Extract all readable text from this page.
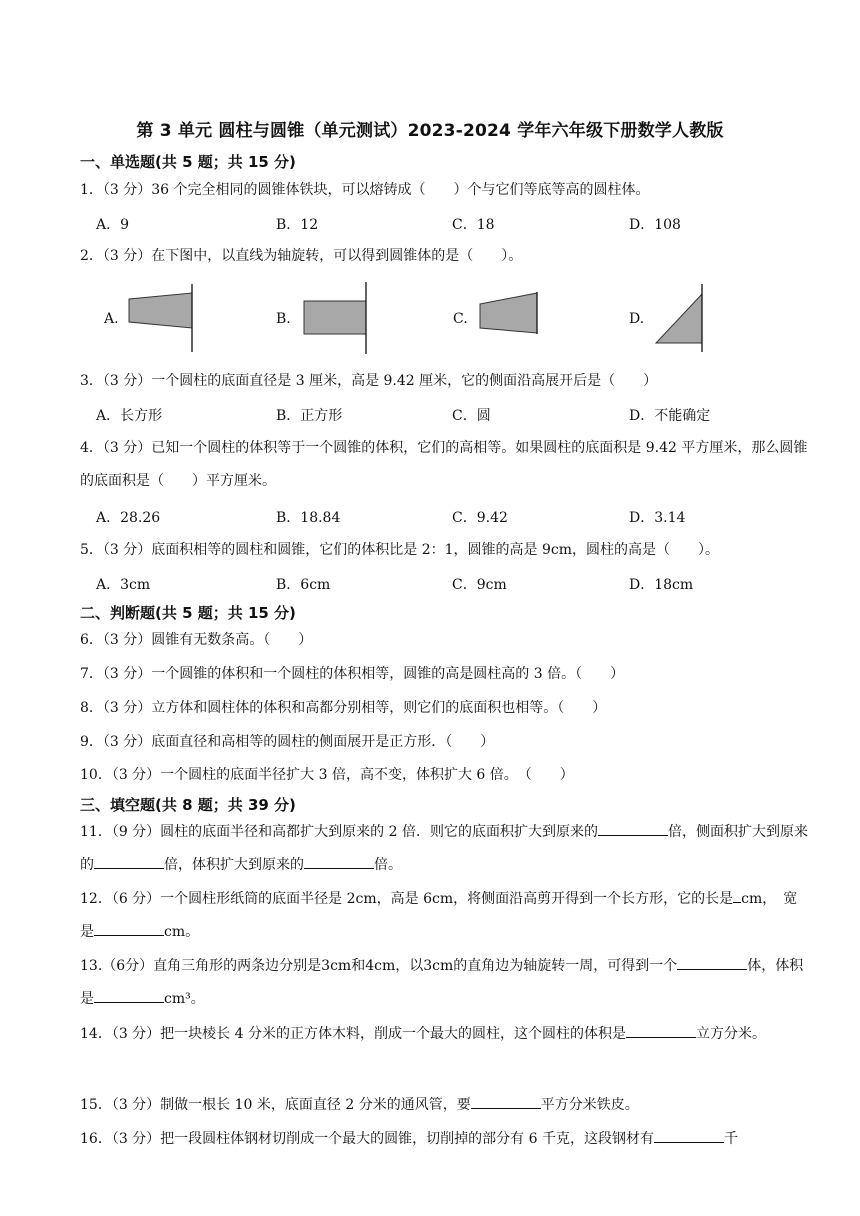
第 3 单元 圆柱与圆锥（单元测试）2023-2024 学年六年级下册数学人教版
一、单选题(共 5 题；共 15 分)
1．（3 分）36 个完全相同的圆锥体铁块，可以熔铸成（　　）个与它们等底等高的圆柱体。
A．9	B．12	C．18	D．108
2．（3 分）在下图中，以直线为轴旋转，可以得到圆锥体的是（　　）。
A.	B.	C.	D.
3．（3 分）一个圆柱的底面直径是 3 厘米，高是 9.42 厘米，它的侧面沿高展开后是（　　）
A．长方形	B．正方形	C．圆	D．不能确定
4．（3 分）已知一个圆柱的体积等于一个圆锥的体积，它们的高相等。如果圆柱的底面积是 9.42 平方厘米，那么圆锥的底面积是（　　）平方厘米。
A．28.26	B．18.84	C．9.42	D．3.14
5．（3 分）底面积相等的圆柱和圆锥，它们的体积比是 2：1，圆锥的高是 9cm，圆柱的高是（　　）。
A．3cm	B．6cm	C．9cm	D．18cm
二、判断题(共 5 题；共 15 分)
6．（3 分）圆锥有无数条高。（　　）
7．（3 分）一个圆锥的体积和一个圆柱的体积相等，圆锥的高是圆柱高的 3 倍。（　　）
8．（3 分）立方体和圆柱体的体积和高都分别相等，则它们的底面积也相等。（　　）
9．（3 分）底面直径和高相等的圆柱的侧面展开是正方形．（　　）
10．（3 分）一个圆柱的底面半径扩大 3 倍，高不变，体积扩大 6 倍。　（　　）
三、填空题(共 8 题；共 39 分)
11．（9 分）圆柱的底面半径和高都扩大到原来的 2 倍．则它的底面积扩大到原来的	倍，侧面积扩大到原来的	倍，体积扩大到原来的	倍。
12．（6 分）一个圆柱形纸筒的底面半径是 2cm，高是 6cm，将侧面沿高剪开得到一个长方形，它的长是 cm，　宽是	cm。
13.（6分）直角三角形的两条边分别是3cm和4cm，以3cm的直角边为轴旋转一周，可得到一个	体，体积是	cm³。
14．（3 分）把一块棱长 4 分米的正方体木料，削成一个最大的圆柱，这个圆柱的体积是	立方分米。
15．（3 分）制做一根长 10 米，底面直径 2 分米的通风管，要	平方分米铁皮。
16．（3 分）把一段圆柱体钢材切削成一个最大的圆锥，切削掉的部分有 6 千克，这段钢材有	千
